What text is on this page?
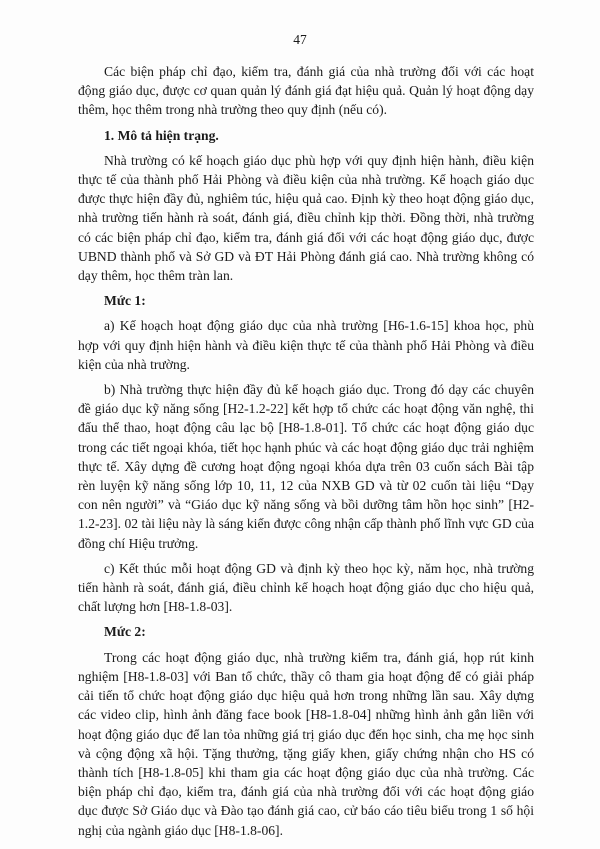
47

Các biện pháp chỉ đạo, kiểm tra, đánh giá của nhà trường đối với các hoạt động giáo dục, được cơ quan quản lý đánh giá đạt hiệu quả. Quản lý hoạt động dạy thêm, học thêm trong nhà trường theo quy định (nếu có).

1. Mô tả hiện trạng.

Nhà trường có kế hoạch giáo dục phù hợp với quy định hiện hành, điều kiện thực tế của thành phố Hải Phòng và điều kiện của nhà trường. Kế hoạch giáo dục được thực hiện đầy đủ, nghiêm túc, hiệu quả cao. Định kỳ theo hoạt động giáo dục, nhà trường tiến hành rà soát, đánh giá, điều chỉnh kịp thời. Đồng thời, nhà trường có các biện pháp chỉ đạo, kiểm tra, đánh giá đối với các hoạt động giáo dục, được UBND thành phố và Sở GD và ĐT Hải Phòng đánh giá cao. Nhà trường không có dạy thêm, học thêm tràn lan.

Mức 1:

a) Kế hoạch hoạt động giáo dục của nhà trường [H6-1.6-15] khoa học, phù hợp với quy định hiện hành và điều kiện thực tế của thành phố Hải Phòng và điều kiện của nhà trường.

b) Nhà trường thực hiện đầy đủ kế hoạch giáo dục. Trong đó dạy các chuyên đề giáo dục kỹ năng sống [H2-1.2-22] kết hợp tổ chức các hoạt động văn nghệ, thi đấu thể thao, hoạt động câu lạc bộ [H8-1.8-01]. Tổ chức các hoạt động giáo dục trong các tiết ngoại khóa, tiết học hạnh phúc và các hoạt động giáo dục trải nghiệm thực tế. Xây dựng đề cương hoạt động ngoại khóa dựa trên 03 cuốn sách Bài tập rèn luyện kỹ năng sống lớp 10, 11, 12 của NXB GD và từ 02 cuốn tài liệu “Dạy con nên người” và “Giáo dục kỹ năng sống và bồi dưỡng tâm hồn học sinh” [H2-1.2-23]. 02 tài liệu này là sáng kiến được công nhận cấp thành phố lĩnh vực GD của đồng chí Hiệu trưởng.

c) Kết thúc mỗi hoạt động GD và định kỳ theo học kỳ, năm học, nhà trường tiến hành rà soát, đánh giá, điều chỉnh kế hoạch hoạt động giáo dục cho hiệu quả, chất lượng hơn [H8-1.8-03].

Mức 2:

Trong các hoạt động giáo dục, nhà trường kiểm tra, đánh giá, họp rút kinh nghiệm [H8-1.8-03] với Ban tổ chức, thầy cô tham gia hoạt động để có giải pháp cải tiến tổ chức hoạt động giáo dục hiệu quả hơn trong những lần sau. Xây dựng các video clip, hình ảnh đăng face book [H8-1.8-04] những hình ảnh gắn liền với hoạt động giáo dục để lan tỏa những giá trị giáo dục đến học sinh, cha mẹ học sinh và cộng động xã hội. Tặng thưởng, tặng giấy khen, giấy chứng nhận cho HS có thành tích [H8-1.8-05] khi tham gia các hoạt động giáo dục của nhà trường. Các biện pháp chỉ đạo, kiểm tra, đánh giá của nhà trường đối với các hoạt động giáo dục được Sở Giáo dục và Đào tạo đánh giá cao, cử báo cáo tiêu biểu trong 1 số hội nghị của ngành giáo dục [H8-1.8-06].
